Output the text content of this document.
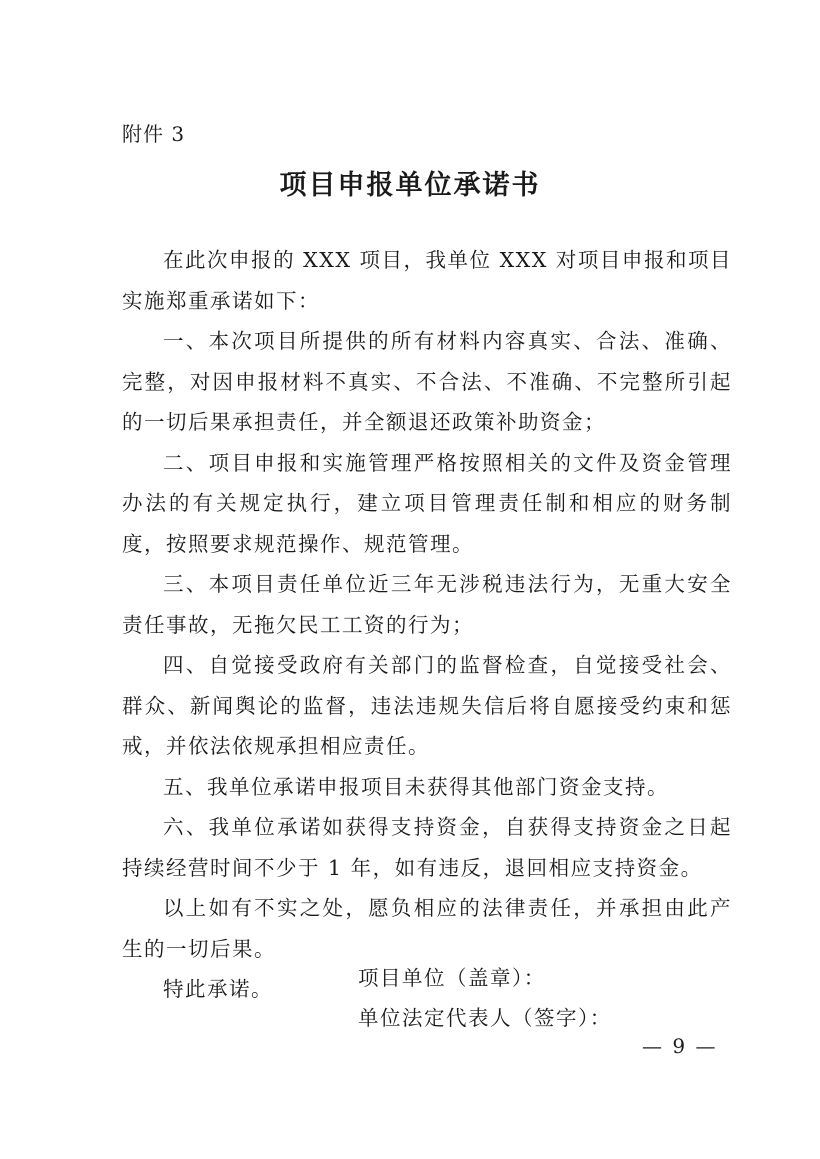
附件 3
项目申报单位承诺书

在此次申报的 XXX 项目，我单位 XXX 对项目申报和项目实施郑重承诺如下：

一、本次项目所提供的所有材料内容真实、合法、准确、完整，对因申报材料不真实、不合法、不准确、不完整所引起的一切后果承担责任，并全额退还政策补助资金；

二、项目申报和实施管理严格按照相关的文件及资金管理办法的有关规定执行，建立项目管理责任制和相应的财务制度，按照要求规范操作、规范管理。

三、本项目责任单位近三年无涉税违法行为，无重大安全责任事故，无拖欠民工工资的行为；

四、自觉接受政府有关部门的监督检查，自觉接受社会、群众、新闻舆论的监督，违法违规失信后将自愿接受约束和惩戒，并依法依规承担相应责任。

五、我单位承诺申报项目未获得其他部门资金支持。

六、我单位承诺如获得支持资金，自获得支持资金之日起持续经营时间不少于 1 年，如有违反，退回相应支持资金。

以上如有不实之处，愿负相应的法律责任，并承担由此产生的一切后果。

特此承诺。	项目单位（盖章）：
单位法定代表人（签字）：
— 9 —
